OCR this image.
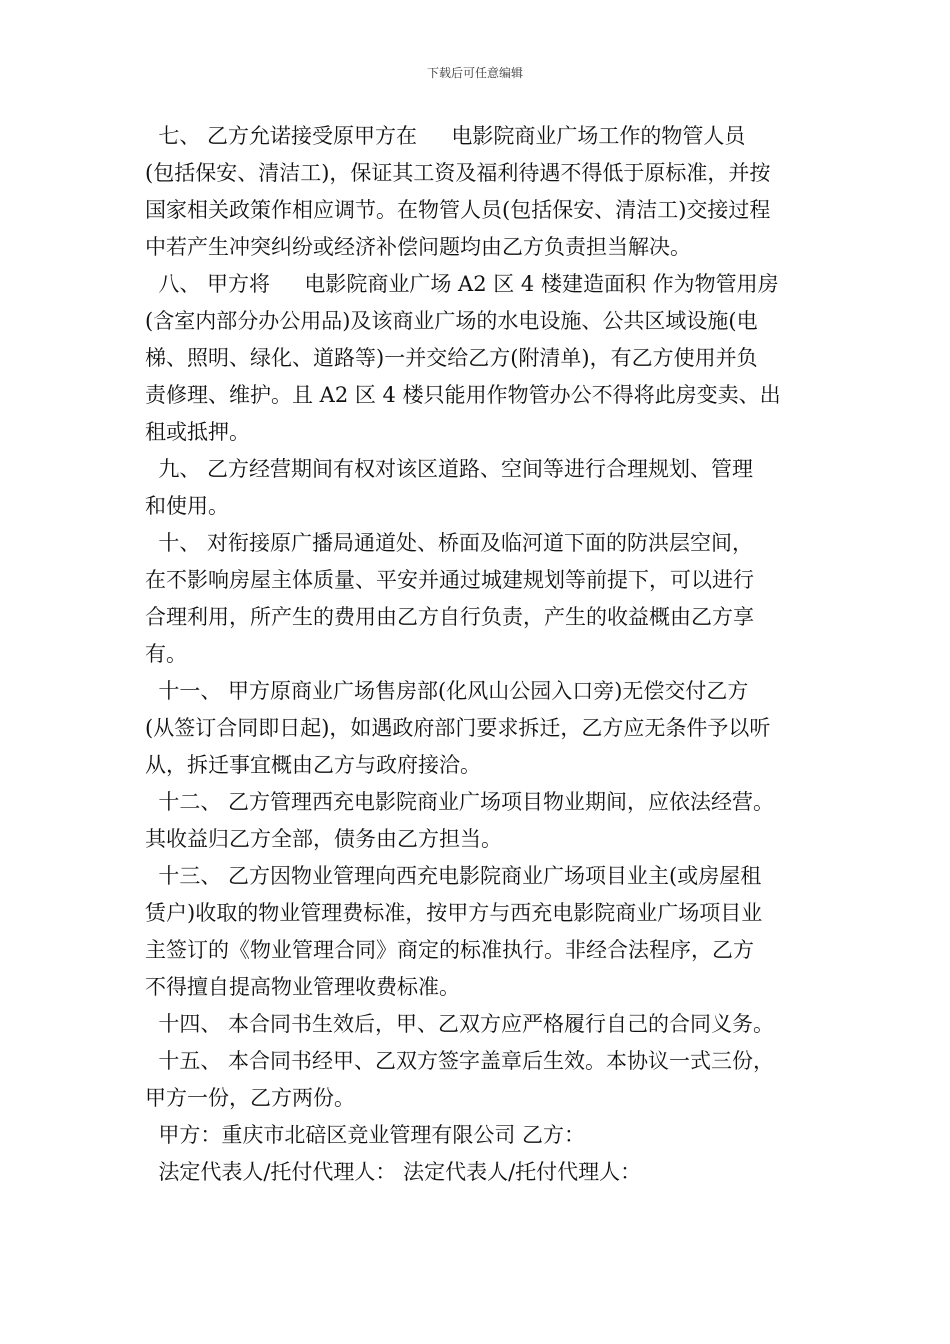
下载后可任意编辑
七、 乙方允诺接受原甲方在　  电影院商业广场工作的物管人员
(包括保安、清洁工)，保证其工资及福利待遇不得低于原标准，并按
国家相关政策作相应调节。在物管人员(包括保安、清洁工)交接过程
中若产生冲突纠纷或经济补偿问题均由乙方负责担当解决。
八、 甲方将　  电影院商业广场 A2 区 4 楼建造面积 作为物管用房
(含室内部分办公用品)及该商业广场的水电设施、公共区域设施(电
梯、照明、绿化、道路等)一并交给乙方(附清单)，有乙方使用并负
责修理、维护。且 A2 区 4 楼只能用作物管办公不得将此房变卖、出
租或抵押。
九、 乙方经营期间有权对该区道路、空间等进行合理规划、管理
和使用。
十、 对衔接原广播局通道处、桥面及临河道下面的防洪层空间，
在不影响房屋主体质量、平安并通过城建规划等前提下，可以进行
合理利用，所产生的费用由乙方自行负责，产生的收益概由乙方享
有。
十一、 甲方原商业广场售房部(化风山公园入口旁)无偿交付乙方
(从签订合同即日起)，如遇政府部门要求拆迁，乙方应无条件予以听
从，拆迁事宜概由乙方与政府接洽。
十二、 乙方管理西充电影院商业广场项目物业期间，应依法经营。
其收益归乙方全部，债务由乙方担当。
十三、 乙方因物业管理向西充电影院商业广场项目业主(或房屋租
赁户)收取的物业管理费标准，按甲方与西充电影院商业广场项目业
主签订的《物业管理合同》商定的标准执行。非经合法程序，乙方
不得擅自提高物业管理收费标准。
十四、 本合同书生效后，甲、乙双方应严格履行自己的合同义务。
十五、 本合同书经甲、乙双方签字盖章后生效。本协议一式三份，
甲方一份，乙方两份。
甲方：重庆市北碚区竞业管理有限公司 乙方：
法定代表人/托付代理人： 法定代表人/托付代理人：
